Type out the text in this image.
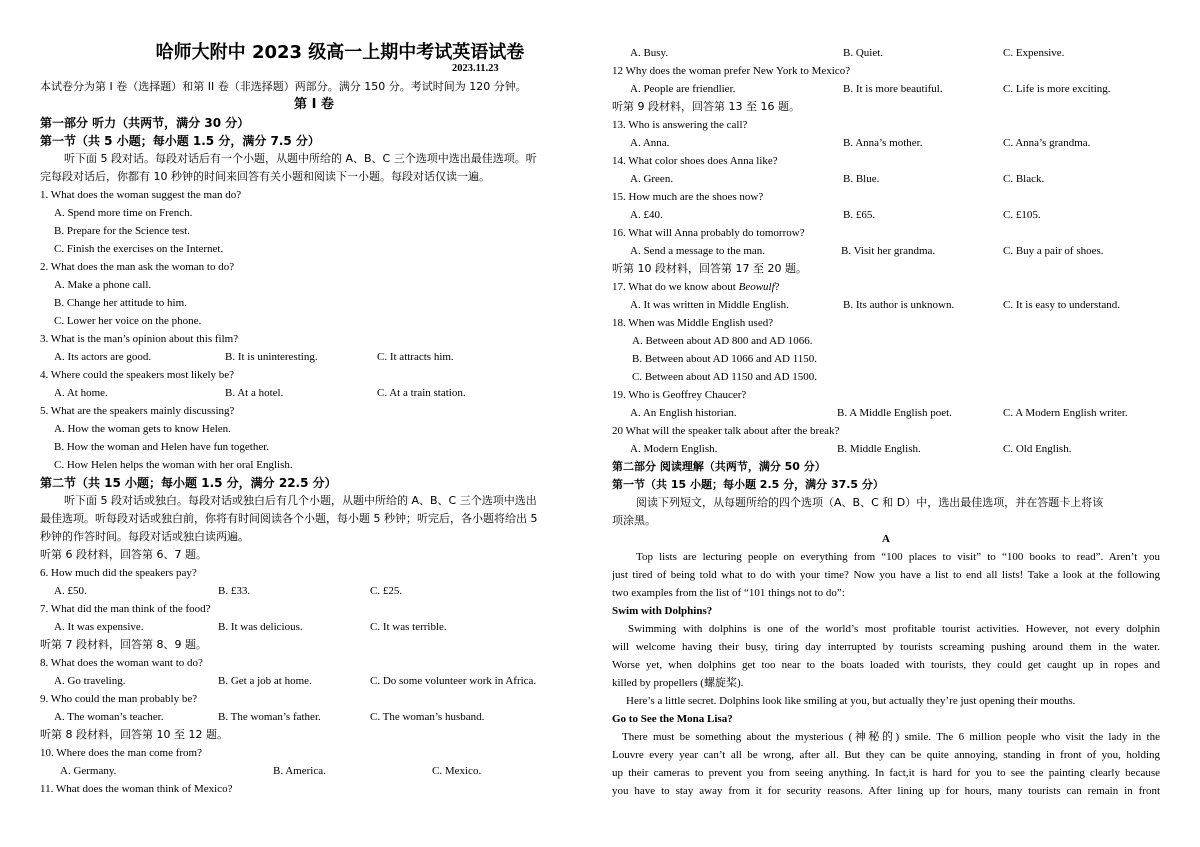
哈师大附中 2023 级高一上期中考试英语试卷
2023.11.23
本试卷分为第 I 卷（选择题）和第 II 卷（非选择题）两部分。满分 150 分。考试时间为 120 分钟。
第 I 卷
第一部分 听力（共两节，满分 30 分）
第一节（共 5 小题；每小题 1.5 分，满分 7.5 分）
听下面 5 段对话。每段对话后有一个小题，从题中所给的 A、B、C 三个选项中选出最佳选项。听
完每段对话后，你都有 10 秒钟的时间来回答有关小题和阅读下一小题。每段对话仅读一遍。
1. What does the woman suggest the man do?
A. Spend more time on French.
B. Prepare for the Science test.
C. Finish the exercises on the Internet.
2. What does the man ask the woman to do?
A. Make a phone call.
B. Change her attitude to him.
C. Lower her voice on the phone.
3. What is the man’s opinion about this film?
A. Its actors are good.	B. It is uninteresting.	C. It attracts him.
4. Where could the speakers most likely be?
A. At home.	B. At a hotel.	C. At a train station.
5. What are the speakers mainly discussing?
A. How the woman gets to know Helen.
B. How the woman and Helen have fun together.
C. How Helen helps the woman with her oral English.
第二节（共 15 小题；每小题 1.5 分，满分 22.5 分）
听下面 5 段对话或独白。每段对话或独白后有几个小题，从题中所给的 A、B、C 三个选项中选出
最佳选项。听每段对话或独白前，你将有时间阅读各个小题，每小题 5 秒钟；听完后，各小题将给出 5
秒钟的作答时间。每段对话或独白读两遍。
听第 6 段材料，回答第 6、7 题。
6. How much did the speakers pay?
A. £50.	B. £33.	C. £25.
7. What did the man think of the food?
A. It was expensive.	B. It was delicious.	C. It was terrible.
听第 7 段材料，回答第 8、9 题。
8. What does the woman want to do?
A. Go traveling.	B. Get a job at home.	C. Do some volunteer work in Africa.
9. Who could the man probably be?
A. The woman’s teacher.	B. The woman’s father.	C. The woman’s husband.
听第 8 段材料，回答第 10 至 12 题。
10. Where does the man come from?
A. Germany.	B. America.	C. Mexico.
11. What does the woman think of Mexico?
A. Busy.	B. Quiet.	C. Expensive.
12 Why does the woman prefer New York to Mexico?
A. People are friendlier.	B. It is more beautiful.	C. Life is more exciting.
听第 9 段材料，回答第 13 至 16 题。
13. Who is answering the call?
A. Anna.	B. Anna’s mother.	C. Anna’s grandma.
14. What color shoes does Anna like?
A. Green.	B. Blue.	C. Black.
15. How much are the shoes now?
A. £40.	B. £65.	C. £105.
16. What will Anna probably do tomorrow?
A. Send a message to the man.	B. Visit her grandma.	C. Buy a pair of shoes.
听第 10 段材料，回答第 17 至 20 题。
17. What do we know about Beowulf?
A. It was written in Middle English.	B. Its author is unknown.	C. It is easy to understand.
18. When was Middle English used?
A. Between about AD 800 and AD 1066.
B. Between about AD 1066 and AD 1150.
C. Between about AD 1150 and AD 1500.
19. Who is Geoffrey Chaucer?
A. An English historian.	B. A Middle English poet.	C. A Modern English writer.
20 What will the speaker talk about after the break?
A. Modern English.	B. Middle English.	C. Old English.
第二部分 阅读理解（共两节，满分 50 分）
第一节（共 15 小题；每小题 2.5 分，满分 37.5 分）
阅读下列短文，从每题所给的四个选项（A、B、C 和 D）中，选出最佳选项，并在答题卡上将该
项涂黑。
A
Top lists are lecturing people on everything from “100 places to visit” to “100 books to read”. Aren’t you
just tired of being told what to do with your time? Now you have a list to end all lists! Take a look at the following
two examples from the list of “101 things not to do”:
Swim with Dolphins?
Swimming with dolphins is one of the world’s most profitable tourist activities. However, not every dolphin
will welcome having their busy, tiring day interrupted by tourists screaming pushing around them in the water.
Worse yet, when dolphins get too near to the boats loaded with tourists, they could get caught up in ropes and
killed by propellers (螺旋桨).
Here’s a little secret. Dolphins look like smiling at you, but actually they’re just opening their mouths.
Go to See the Mona Lisa?
There must be something about the mysterious (神秘的) smile. The 6 million people who visit the lady in the
Louvre every year can’t all be wrong, after all. But they can be quite annoying, standing in front of you, holding
up their cameras to prevent you from seeing anything. In fact,it is hard for you to see the painting clearly because
you have to stay away from it for security reasons. After lining up for hours, many tourists can remain in front
